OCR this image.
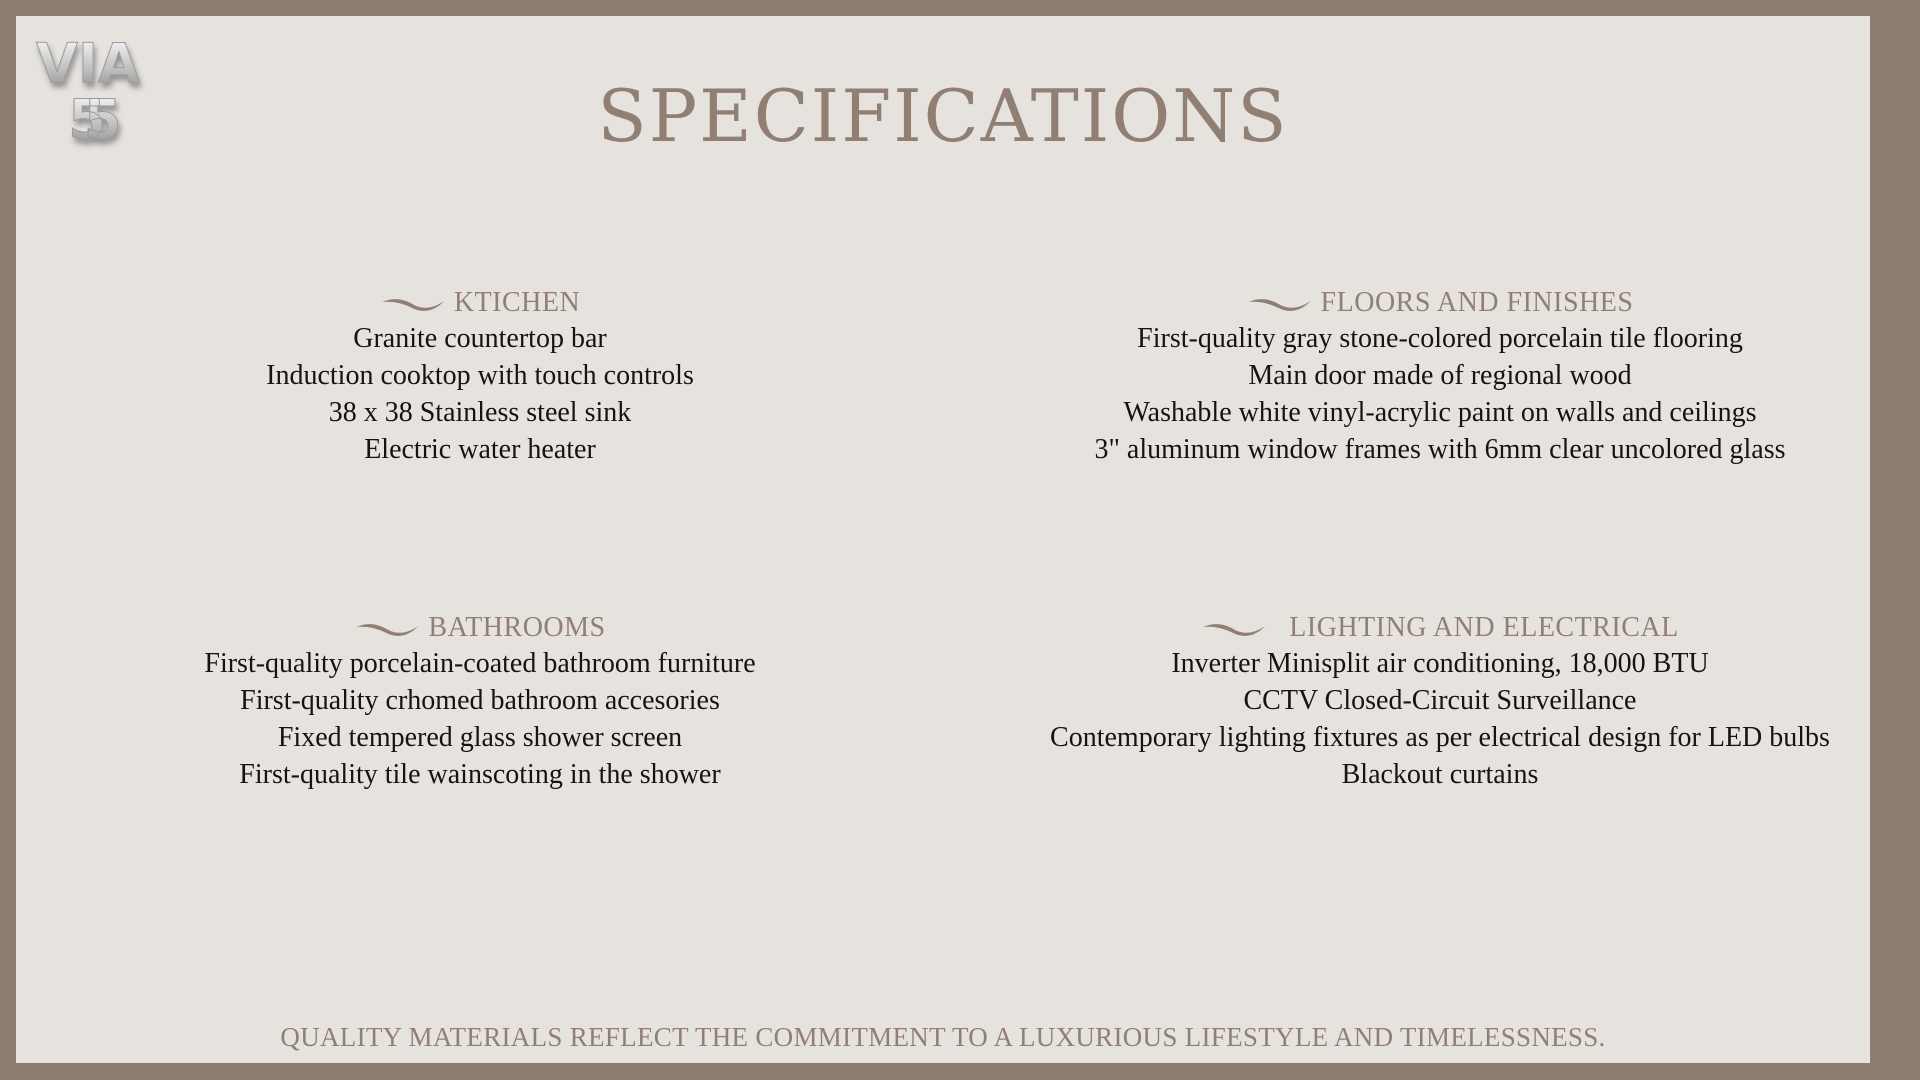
VIA
55	SPECIFICATIONS
KTICHEN
Granite countertop bar
Induction cooktop with touch controls
38 x 38 Stainless steel sink
Electric water heater
FLOORS AND FINISHES
First-quality gray stone-colored porcelain tile flooring
Main door made of regional wood
Washable white vinyl-acrylic paint on walls and ceilings
3" aluminum window frames with 6mm clear uncolored glass
BATHROOMS
First-quality porcelain-coated bathroom furniture
First-quality crhomed bathroom accesories
Fixed tempered glass shower screen
First-quality tile wainscoting in the shower
LIGHTING AND ELECTRICAL
Inverter Minisplit air conditioning, 18,000 BTU
CCTV Closed-Circuit Surveillance
Contemporary lighting fixtures as per electrical design for LED bulbs
Blackout curtains
QUALITY MATERIALS REFLECT THE COMMITMENT TO A LUXURIOUS LIFESTYLE AND TIMELESSNESS.
